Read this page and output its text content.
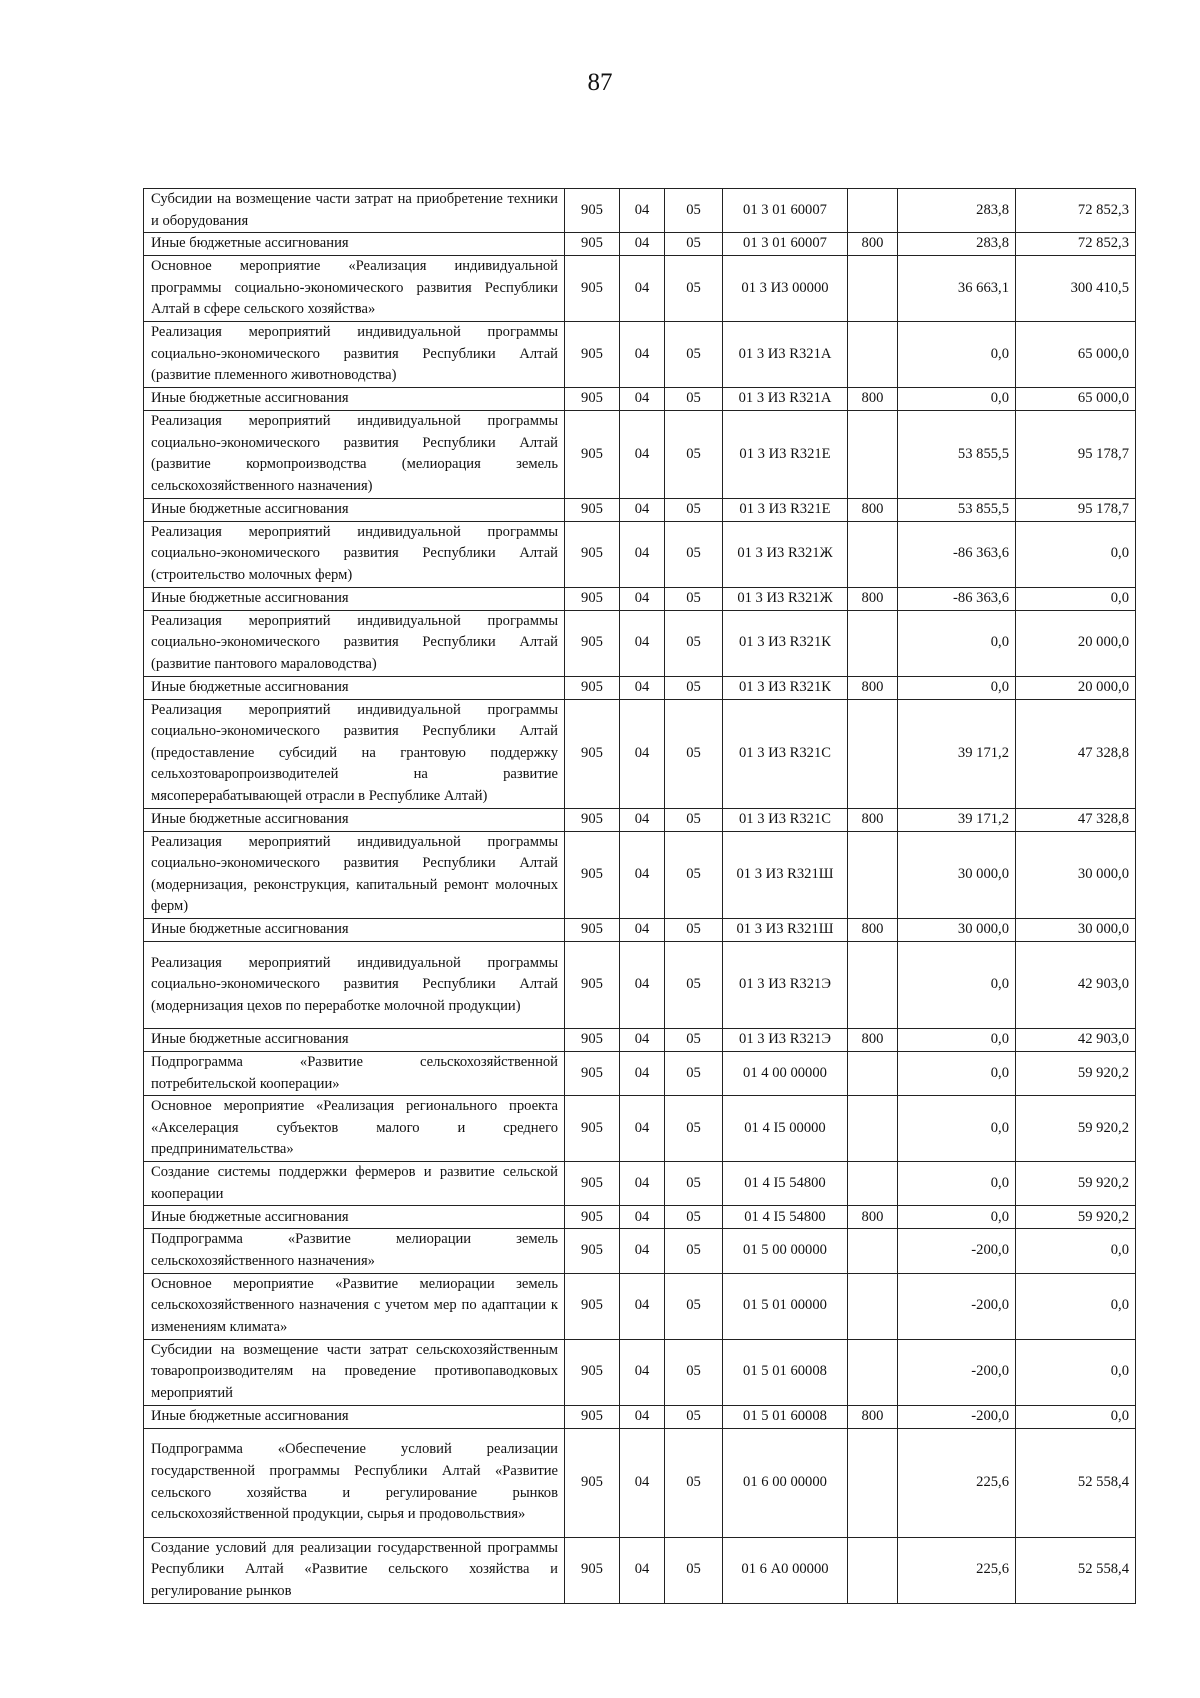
87
Субсидии на возмещение части затрат на приобретение техники и оборудования	905	04	05	01 3 01 60007		283,8	72 852,3
Иные бюджетные ассигнования	905	04	05	01 3 01 60007	800	283,8	72 852,3
Основное мероприятие «Реализация индивидуальной программы социально-экономического развития Республики Алтай в сфере сельского хозяйства»	905	04	05	01 3 И3 00000		36 663,1	300 410,5
Реализация мероприятий индивидуальной программы социально-экономического развития Республики Алтай (развитие племенного животноводства)	905	04	05	01 3 И3 R321А		0,0	65 000,0
Иные бюджетные ассигнования	905	04	05	01 3 И3 R321А	800	0,0	65 000,0
Реализация мероприятий индивидуальной программы социально-экономического развития Республики Алтай (развитие кормопроизводства (мелиорация земель сельскохозяйственного назначения)	905	04	05	01 3 И3 R321Е		53 855,5	95 178,7
Иные бюджетные ассигнования	905	04	05	01 3 И3 R321Е	800	53 855,5	95 178,7
Реализация мероприятий индивидуальной программы социально-экономического развития Республики Алтай (строительство молочных ферм)	905	04	05	01 3 И3 R321Ж		-86 363,6	0,0
Иные бюджетные ассигнования	905	04	05	01 3 И3 R321Ж	800	-86 363,6	0,0
Реализация мероприятий индивидуальной программы социально-экономического развития Республики Алтай (развитие пантового мараловодства)	905	04	05	01 3 И3 R321К		0,0	20 000,0
Иные бюджетные ассигнования	905	04	05	01 3 И3 R321К	800	0,0	20 000,0
Реализация мероприятий индивидуальной программы социально-экономического развития Республики Алтай (предоставление субсидий на грантовую поддержку сельхозтоваропроизводителей на развитие мясоперерабатывающей отрасли в Республике Алтай)	905	04	05	01 3 И3 R321С		39 171,2	47 328,8
Иные бюджетные ассигнования	905	04	05	01 3 И3 R321С	800	39 171,2	47 328,8
Реализация мероприятий индивидуальной программы социально-экономического развития Республики Алтай (модернизация, реконструкция, капитальный ремонт молочных ферм)	905	04	05	01 3 И3 R321Ш		30 000,0	30 000,0
Иные бюджетные ассигнования	905	04	05	01 3 И3 R321Ш	800	30 000,0	30 000,0
Реализация мероприятий индивидуальной программы социально-экономического развития Республики Алтай (модернизация цехов по переработке молочной продукции)	905	04	05	01 3 И3 R321Э		0,0	42 903,0
Иные бюджетные ассигнования	905	04	05	01 3 И3 R321Э	800	0,0	42 903,0
Подпрограмма «Развитие сельскохозяйственной потребительской кооперации»	905	04	05	01 4 00 00000		0,0	59 920,2
Основное мероприятие «Реализация регионального проекта «Акселерация субъектов малого и среднего предпринимательства»	905	04	05	01 4 I5 00000		0,0	59 920,2
Создание системы поддержки фермеров и развитие сельской кооперации	905	04	05	01 4 I5 54800		0,0	59 920,2
Иные бюджетные ассигнования	905	04	05	01 4 I5 54800	800	0,0	59 920,2
Подпрограмма «Развитие мелиорации земель сельскохозяйственного назначения»	905	04	05	01 5 00 00000		-200,0	0,0
Основное мероприятие «Развитие мелиорации земель сельскохозяйственного назначения с учетом мер по адаптации к изменениям климата»	905	04	05	01 5 01 00000		-200,0	0,0
Субсидии на возмещение части затрат сельскохозяйственным товаропроизводителям на проведение противопаводковых мероприятий	905	04	05	01 5 01 60008		-200,0	0,0
Иные бюджетные ассигнования	905	04	05	01 5 01 60008	800	-200,0	0,0
Подпрограмма «Обеспечение условий реализации государственной программы Республики Алтай «Развитие сельского хозяйства и регулирование рынков сельскохозяйственной продукции, сырья и продовольствия»	905	04	05	01 6 00 00000		225,6	52 558,4
Создание условий для реализации государственной программы Республики Алтай «Развитие сельского хозяйства и регулирование рынков	905	04	05	01 6 А0 00000		225,6	52 558,4
